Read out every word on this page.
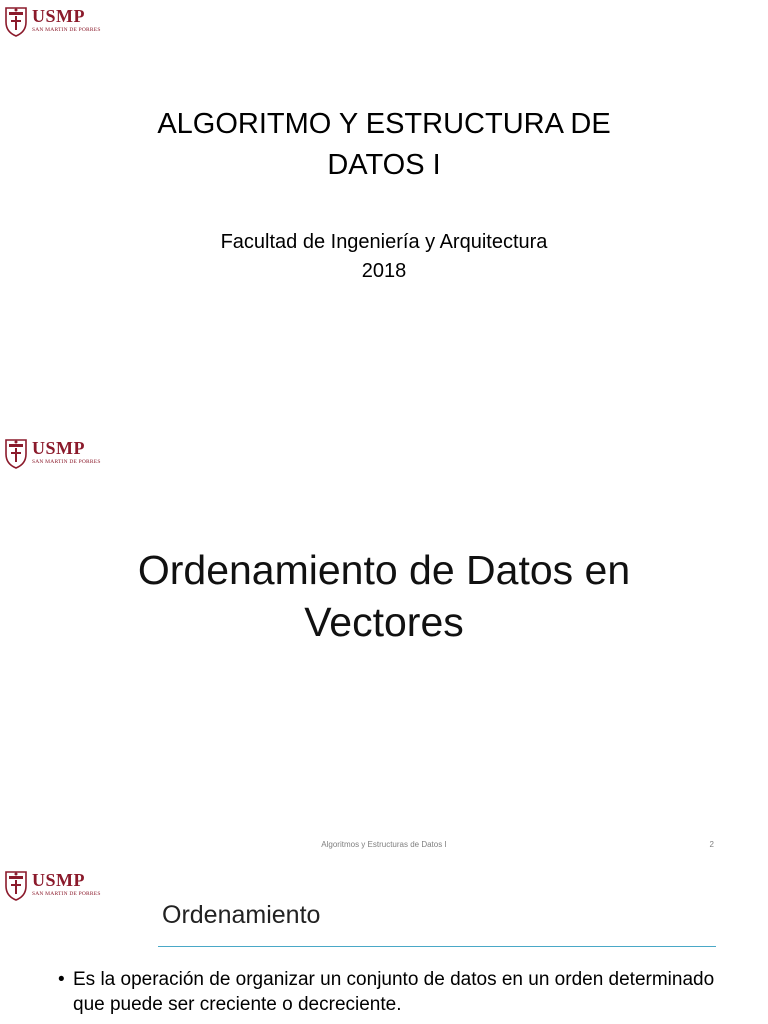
USMP
SAN MARTIN DE PORRES
ALGORITMO Y ESTRUCTURA DE
DATOS I
Facultad de Ingeniería y Arquitectura
2018
USMP
SAN MARTIN DE PORRES
Ordenamiento de Datos en
Vectores
Algoritmos y Estructuras de Datos I	2
USMP
SAN MARTIN DE PORRES
Ordenamiento
• Es la operación de organizar un conjunto de datos en un orden determinado que puede ser creciente o decreciente.
